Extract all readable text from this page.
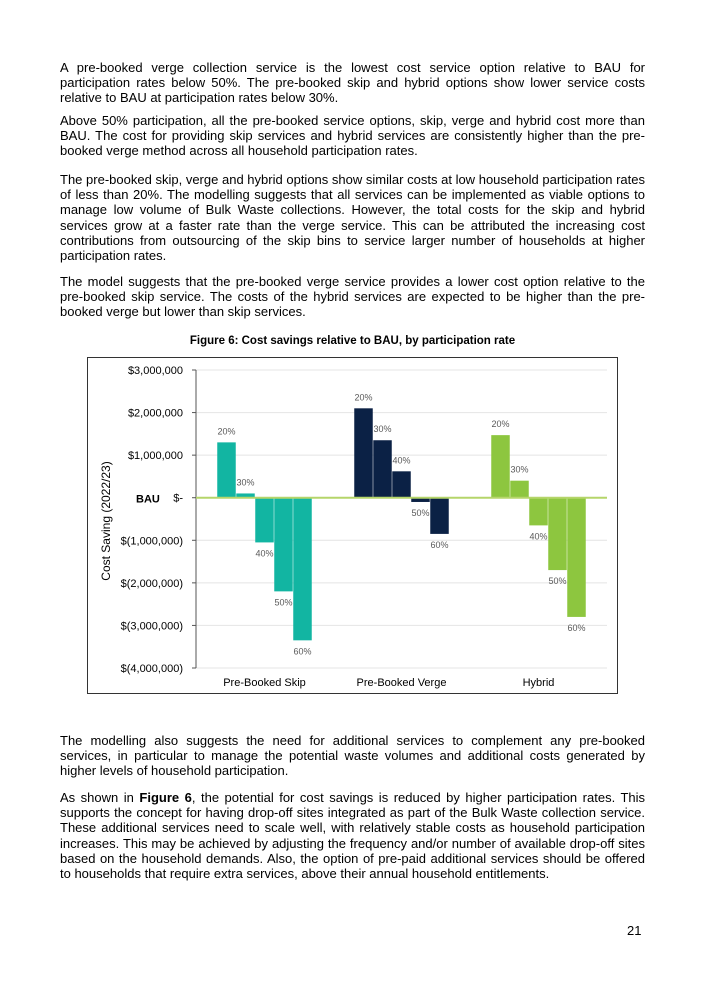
A pre-booked verge collection service is the lowest cost service option relative to BAU for participation rates below 50%. The pre-booked skip and hybrid options show lower service costs relative to BAU at participation rates below 30%.

Above 50% participation, all the pre-booked service options, skip, verge and hybrid cost more than BAU. The cost for providing skip services and hybrid services are consistently higher than the pre-booked verge method across all household participation rates.

The pre-booked skip, verge and hybrid options show similar costs at low household participation rates of less than 20%. The modelling suggests that all services can be implemented as viable options to manage low volume of Bulk Waste collections. However, the total costs for the skip and hybrid services grow at a faster rate than the verge service. This can be attributed the increasing cost contributions from outsourcing of the skip bins to service larger number of households at higher participation rates.

The model suggests that the pre-booked verge service provides a lower cost option relative to the pre-booked skip service. The costs of the hybrid services are expected to be higher than the pre-booked verge but lower than skip services.

Figure 6: Cost savings relative to BAU, by participation rate
$3,000,000
$2,000,000
$1,000,000
$-
$(1,000,000)
$(2,000,000)
$(3,000,000)
$(4,000,000)
20%
30%
40%
50%
60%
Pre-Booked Skip
20%
30%
40%
50%
60%
Pre-Booked Verge
20%
30%
40%
50%
60%
Hybrid
BAU
Cost Saving (2022/23)

The modelling also suggests the need for additional services to complement any pre-booked services, in particular to manage the potential waste volumes and additional costs generated by higher levels of household participation.

As shown in Figure 6, the potential for cost savings is reduced by higher participation rates. This supports the concept for having drop-off sites integrated as part of the Bulk Waste collection service. These additional services need to scale well, with relatively stable costs as household participation increases. This may be achieved by adjusting the frequency and/or number of available drop-off sites based on the household demands. Also, the option of pre-paid additional services should be offered to households that require extra services, above their annual household entitlements.

21
